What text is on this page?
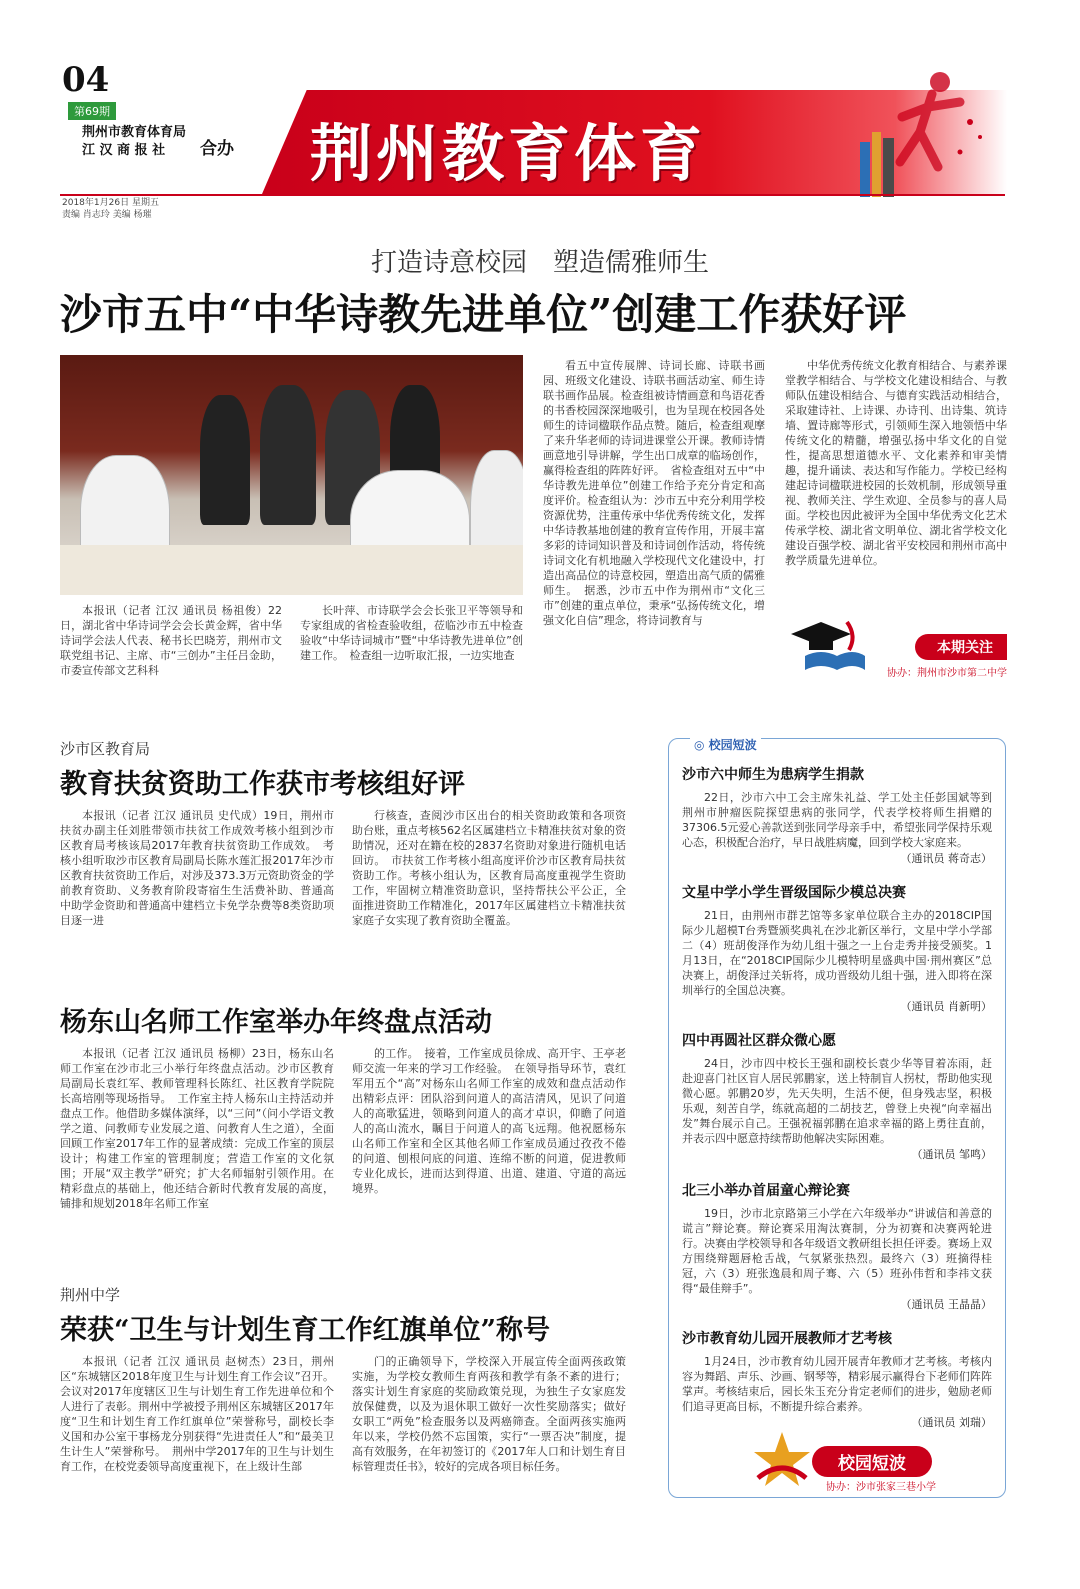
04
第69期
荆州市教育体育局
江 汉 商 报 社	合办 荆州教育体育
2018年1月26日 星期五
责编 肖志玲 美编 杨璀
打造诗意校园　塑造儒雅师生
沙市五中“中华诗教先进单位”创建工作获好评

本报讯（记者 江汉 通讯员 杨祖俊）22日，湖北省中华诗词学会会长黄金辉，省中华诗词学会法人代表、秘书长巴晓芳，荆州市文联党组书记、主席、市“三创办”主任吕金助，市委宣传部文艺科科

长叶萍、市诗联学会会长张卫平等领导和专家组成的省检查验收组，莅临沙市五中检查验收“中华诗词城市”暨“中华诗教先进单位”创建工作。　检查组一边听取汇报，一边实地查

看五中宣传展牌、诗词长廊、诗联书画园、班级文化建设、诗联书画活动室、师生诗联书画作品展。检查组被诗情画意和鸟语花香的书香校园深深地吸引，也为呈现在校园各处师生的诗词楹联作品点赞。随后，检查组观摩了来升华老师的诗词进课堂公开课。教师诗情画意地引导讲解，学生出口成章的临场创作，赢得检查组的阵阵好评。　省检查组对五中“中华诗教先进单位”创建工作给予充分肯定和高度评价。检查组认为：沙市五中充分利用学校资源优势，注重传承中华优秀传统文化，发挥中华诗教基地创建的教育宣传作用，开展丰富多彩的诗词知识普及和诗词创作活动，将传统诗词文化有机地融入学校现代文化建设中，打造出高品位的诗意校园，塑造出高气质的儒雅师生。　据悉，沙市五中作为荆州市“文化三市”创建的重点单位，秉承“弘扬传统文化，增强文化自信”理念，将诗词教育与

中华优秀传统文化教育相结合、与素养课堂教学相结合、与学校文化建设相结合、与教师队伍建设相结合、与德育实践活动相结合，采取建诗社、上诗课、办诗刊、出诗集、筑诗墙、置诗廊等形式，引领师生深入地领悟中华传统文化的精髓，增强弘扬中华文化的自觉性，提高思想道德水平、文化素养和审美情趣，提升诵读、表达和写作能力。学校已经构建起诗词楹联进校园的长效机制，形成领导重视、教师关注、学生欢迎、全员参与的喜人局面。学校也因此被评为全国中华优秀文化艺术传承学校、湖北省文明单位、湖北省学校文化建设百强学校、湖北省平安校园和荆州市高中教学质量先进单位。

本期关注
协办：荆州市沙市第二中学
沙市区教育局
教育扶贫资助工作获市考核组好评

本报讯（记者 江汉 通讯员 史代成）19日，荆州市扶贫办副主任刘胜带领市扶贫工作成效考核小组到沙市区教育局考核该局2017年教育扶贫资助工作成效。　考核小组听取沙市区教育局副局长陈水莲汇报2017年沙市区教育扶贫资助工作后，对涉及373.3万元资助资金的学前教育资助、义务教育阶段寄宿生生活费补助、普通高中助学金资助和普通高中建档立卡免学杂费等8类资助项目逐一进

行核查，查阅沙市区出台的相关资助政策和各项资助台账，重点考核562名区属建档立卡精准扶贫对象的资助情况，还对在籍在校的2837名资助对象进行随机电话回访。　市扶贫工作考核小组高度评价沙市区教育局扶贫资助工作。考核小组认为，区教育局高度重视学生资助工作，牢固树立精准资助意识，坚持帮扶公平公正，全面推进资助工作精准化，2017年区属建档立卡精准扶贫家庭子女实现了教育资助全覆盖。

杨东山名师工作室举办年终盘点活动

本报讯（记者 江汉 通讯员 杨柳）23日，杨东山名师工作室在沙市北三小举行年终盘点活动。沙市区教育局副局长袁红军、教师管理科长陈红、社区教育学院院长高培刚等现场指导。　工作室主持人杨东山主持活动并盘点工作。他借助多媒体演绎，以“三问”（问小学语文教学之道、问教师专业发展之道、问教育人生之道），全面回顾工作室2017年工作的显著成绩：完成工作室的顶层设计；构建工作室的管理制度；营造工作室的文化氛围；开展“双主教学”研究；扩大名师辐射引领作用。在精彩盘点的基础上，他还结合新时代教育发展的高度，铺排和规划2018年名师工作室

的工作。　接着，工作室成员徐成、高开宇、王亭老师交流一年来的学习工作经验。　在领导指导环节，袁红军用五个“高”对杨东山名师工作室的成效和盘点活动作出精彩点评：团队浴到问道人的高洁清风，见识了问道人的高歌猛进，领略到问道人的高才卓识，仰瞻了问道人的高山流水，瞩目于问道人的高飞远翔。他祝愿杨东山名师工作室和全区其他名师工作室成员通过孜孜不倦的问道、刨根问底的问道、连绵不断的问道，促进教师专业化成长，进而达到得道、出道、建道、守道的高远境界。

荆州中学
荣获“卫生与计划生育工作红旗单位”称号

本报讯（记者 江汉 通讯员 赵树杰）23日，荆州区“东城辖区2018年度卫生与计划生育工作会议”召开。会议对2017年度辖区卫生与计划生育工作先进单位和个人进行了表彰。荆州中学被授予荆州区东城辖区2017年度“卫生和计划生育工作红旗单位”荣誉称号，副校长李义国和办公室干事杨龙分别获得“先进责任人”和“最美卫生计生人”荣誉称号。　荆州中学2017年的卫生与计划生育工作，在校党委领导高度重视下，在上级计生部

门的正确领导下，学校深入开展宣传全面两孩政策实施，为学校女教师生育两孩和教学有条不紊的进行；落实计划生育家庭的奖励政策兑现，为独生子女家庭发放保健费，以及为退休职工做好一次性奖励落实；做好女职工“两免”检查服务以及两癌筛查。全面两孩实施两年以来，学校仍然不忘国策，实行“一票否决”制度，提高有效服务，在年初签订的《2017年人口和计划生育目标管理责任书》，较好的完成各项目标任务。

◎ 校园短波
沙市六中师生为患病学生捐款
22日，沙市六中工会主席朱礼益、学工处主任彭国斌等到荆州市肿瘤医院探望患病的张同学，代表学校将师生捐赠的37306.5元爱心善款送到张同学母亲手中，希望张同学保持乐观心态，积极配合治疗，早日战胜病魔，回到学校大家庭来。
（通讯员 蒋奇志）
文星中学小学生晋级国际少模总决赛
21日，由荆州市群艺馆等多家单位联合主办的2018CIP国际少儿超模T台秀暨颁奖典礼在沙北新区举行，文星中学小学部二（4）班胡俊泽作为幼儿组十强之一上台走秀并接受颁奖。1月13日，在“2018CIP国际少儿模特明星盛典中国·荆州赛区”总决赛上，胡俊泽过关斩将，成功晋级幼儿组十强，进入即将在深圳举行的全国总决赛。
（通讯员 肖新明）
四中再圆社区群众微心愿
24日，沙市四中校长王强和副校长袁少华等冒着冻雨，赶赴迎喜门社区盲人居民郭鹏家，送上特制盲人拐杖，帮助他实现微心愿。郭鹏20岁，先天失明，生活不便，但身残志坚，积极乐观，刻苦自学，练就高超的二胡技艺，曾登上央视“向幸福出发”舞台展示自己。王强祝福郭鹏在追求幸福的路上勇往直前，并表示四中愿意持续帮助他解决实际困难。
（通讯员 邹鸣）
北三小举办首届童心辩论赛
19日，沙市北京路第三小学在六年级举办“讲诚信和善意的谎言”辩论赛。辩论赛采用淘汰赛制，分为初赛和决赛两轮进行。决赛由学校领导和各年级语文教研组长担任评委。赛场上双方围绕辩题唇枪舌战，气氛紧张热烈。最终六（3）班摘得桂冠，六（3）班张逸晨和周子骞、六（5）班孙伟哲和李祎文获得“最佳辩手”。
（通讯员 王晶晶）
沙市教育幼儿园开展教师才艺考核
1月24日，沙市教育幼儿园开展青年教师才艺考核。考核内容为舞蹈、声乐、沙画、钢琴等，精彩展示赢得台下老师们阵阵掌声。考核结束后，园长朱玉充分肯定老师们的进步，勉励老师们追寻更高目标，不断提升综合素养。
（通讯员 刘瑞）
校园短波
协办：沙市张家三巷小学
